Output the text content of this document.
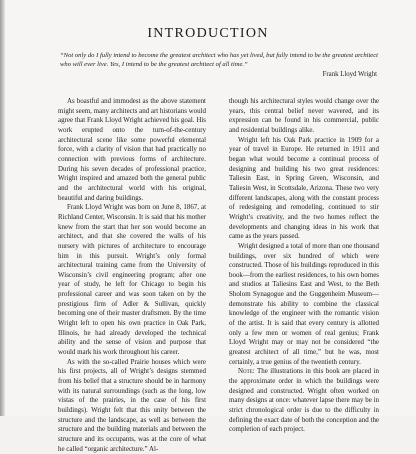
INTRODUCTION

“Not only do I fully intend to become the greatest architect who has yet lived, but fully intend to be the greatest architect who will ever live. Yes, I intend to be the greatest architect of all time.”

Frank Lloyd Wright

As boastful and immodest as the above statement might seem, many architects and art historians would agree that Frank Lloyd Wright achieved his goal. His work erupted onto the turn-of-the-century architectural scene like some powerful elemental force, with a clarity of vision that had practically no connection with previous forms of architecture. During his seven decades of professional practice, Wright inspired and amazed both the general public and the architectural world with his original, beautiful and daring buildings.

Frank Lloyd Wright was born on June 8, 1867, at Richland Center, Wisconsin. It is said that his mother knew from the start that her son would become an architect, and that she covered the walls of his nursery with pictures of architecture to encourage him in this pursuit. Wright’s only formal architectural training came from the University of Wisconsin’s civil engineering program; after one year of study, he left for Chicago to begin his professional career and was soon taken on by the prestigious firm of Adler & Sullivan, quickly becoming one of their master draftsmen. By the time Wright left to open his own practice in Oak Park, Illinois, he had already developed the technical ability and the sense of vision and purpose that would mark his work throughout his career.

As with the so-called Prairie houses which were his first projects, all of Wright’s designs stemmed from his belief that a structure should be in harmony with its natural surroundings (such as the long, low vistas of the prairies, in the case of his first buildings). Wright felt that this unity between the structure and the landscape, as well as between the structure and the building materials and between the structure and its occupants, was at the core of what he called “organic architecture.” Al-

though his architectural styles would change over the years, this central belief never wavered, and its expression can be found in his commercial, public and residential buildings alike.

Wright left his Oak Park practice in 1909 for a year of travel in Europe. He returned in 1911 and began what would become a continual process of designing and building his two great residences: Taliesin East, in Spring Green, Wisconsin, and Taliesin West, in Scottsdale, Arizona. These two very different landscapes, along with the constant process of redesigning and remodeling, continued to stir Wright’s creativity, and the two homes reflect the developments and changing ideas in his work that came as the years passed.

Wright designed a total of more than one thousand buildings, over six hundred of which were constructed. Those of his buildings reproduced in this book—from the earliest residences, to his own homes and studios at Taliesins East and West, to the Beth Sholom Synagogue and the Guggenheim Museum—demonstrate his ability to combine the classical knowledge of the engineer with the romantic vision of the artist. It is said that every century is allotted only a few men or women of real genius; Frank Lloyd Wright may or may not be considered “the greatest architect of all time,” but he was, most certainly, a true genius of the twentieth century.

Note: The illustrations in this book are placed in the approximate order in which the buildings were designed and constructed. Wright often worked on many designs at once: whatever lapse there may be in strict chronological order is due to the difficulty in defining the exact date of both the conception and the completion of each project.
